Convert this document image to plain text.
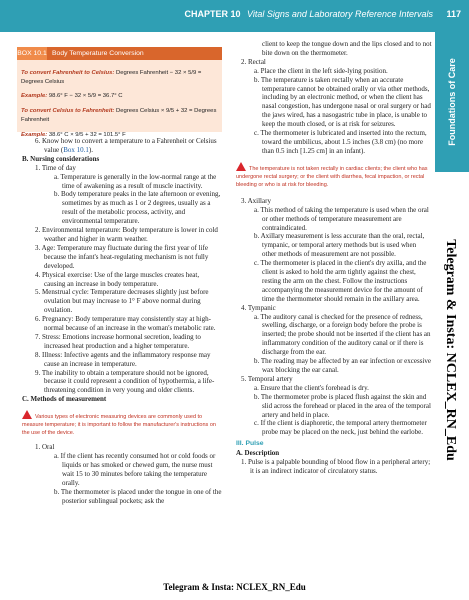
CHAPTER 10 Vital Signs and Laboratory Reference Intervals 117
Foundations of Care
Telegram & Insta: NCLEX_RN_Edu
BOX 10.1 Body Temperature Conversion

To convert Fahrenheit to Celsius: Degrees Fahrenheit − 32 × 5/9 = Degrees Celsius

Example: 98.6° F − 32 × 5/9 = 36.7° C

To convert Celsius to Fahrenheit: Degrees Celsius × 9/5 + 32 = Degrees Fahrenheit

Example: 38.6° C × 9/5 + 32 = 101.5° F

6. Know how to convert a temperature to a Fahrenheit or Celsius value (Box 10.1).

B. Nursing considerations

1. Time of day

a. Temperature is generally in the low-normal range at the time of awakening as a result of muscle inactivity.

b. Body temperature peaks in the late afternoon or evening, sometimes by as much as 1 or 2 degrees, usually as a result of the metabolic process, activity, and environmental temperature.

2. Environmental temperature: Body temperature is lower in cold weather and higher in warm weather.

3. Age: Temperature may fluctuate during the first year of life because the infant's heat-regulating mechanism is not fully developed.

4. Physical exercise: Use of the large muscles creates heat, causing an increase in body temperature.

5. Menstrual cycle: Temperature decreases slightly just before ovulation but may increase to 1° F above normal during ovulation.

6. Pregnancy: Body temperature may consistently stay at high-normal because of an increase in the woman's metabolic rate.

7. Stress: Emotions increase hormonal secretion, leading to increased heat production and a higher temperature.

8. Illness: Infective agents and the inflammatory response may cause an increase in temperature.

9. The inability to obtain a temperature should not be ignored, because it could represent a condition of hypothermia, a life-threatening condition in very young and older clients.

C. Methods of measurement

Various types of electronic measuring devices are commonly used to measure temperature; it is important to follow the manufacturer's instructions on the use of the device.

1. Oral

a. If the client has recently consumed hot or cold foods or liquids or has smoked or chewed gum, the nurse must wait 15 to 30 minutes before taking the temperature orally.

b. The thermometer is placed under the tongue in one of the posterior sublingual pockets; ask the

client to keep the tongue down and the lips closed and to not bite down on the thermometer.

2. Rectal

a. Place the client in the left side-lying position.

b. The temperature is taken rectally when an accurate temperature cannot be obtained orally or via other methods, including by an electronic method, or when the client has nasal congestion, has undergone nasal or oral surgery or had the jaws wired, has a nasogastric tube in place, is unable to keep the mouth closed, or is at risk for seizures.

c. The thermometer is lubricated and inserted into the rectum, toward the umbilicus, about 1.5 inches (3.8 cm) (no more than 0.5 inch [1.25 cm] in an infant).

The temperature is not taken rectally in cardiac clients; the client who has undergone rectal surgery; or the client with diarrhea, fecal impaction, or rectal bleeding or who is at risk for bleeding.

3. Axillary

a. This method of taking the temperature is used when the oral or other methods of temperature measurement are contraindicated.

b. Axillary measurement is less accurate than the oral, rectal, tympanic, or temporal artery methods but is used when other methods of measurement are not possible.

c. The thermometer is placed in the client's dry axilla, and the client is asked to hold the arm tightly against the chest, resting the arm on the chest. Follow the instructions accompanying the measurement device for the amount of time the thermometer should remain in the axillary area.

4. Tympanic

a. The auditory canal is checked for the presence of redness, swelling, discharge, or a foreign body before the probe is inserted; the probe should not be inserted if the client has an inflammatory condition of the auditory canal or if there is discharge from the ear.

b. The reading may be affected by an ear infection or excessive wax blocking the ear canal.

5. Temporal artery

a. Ensure that the client's forehead is dry.

b. The thermometer probe is placed flush against the skin and slid across the forehead or placed in the area of the temporal artery and held in place.

c. If the client is diaphoretic, the temporal artery thermometer probe may be placed on the neck, just behind the earlobe.

III. Pulse

A. Description

1. Pulse is a palpable bounding of blood flow in a peripheral artery; it is an indirect indicator of circulatory status.

Telegram & Insta: NCLEX_RN_Edu
